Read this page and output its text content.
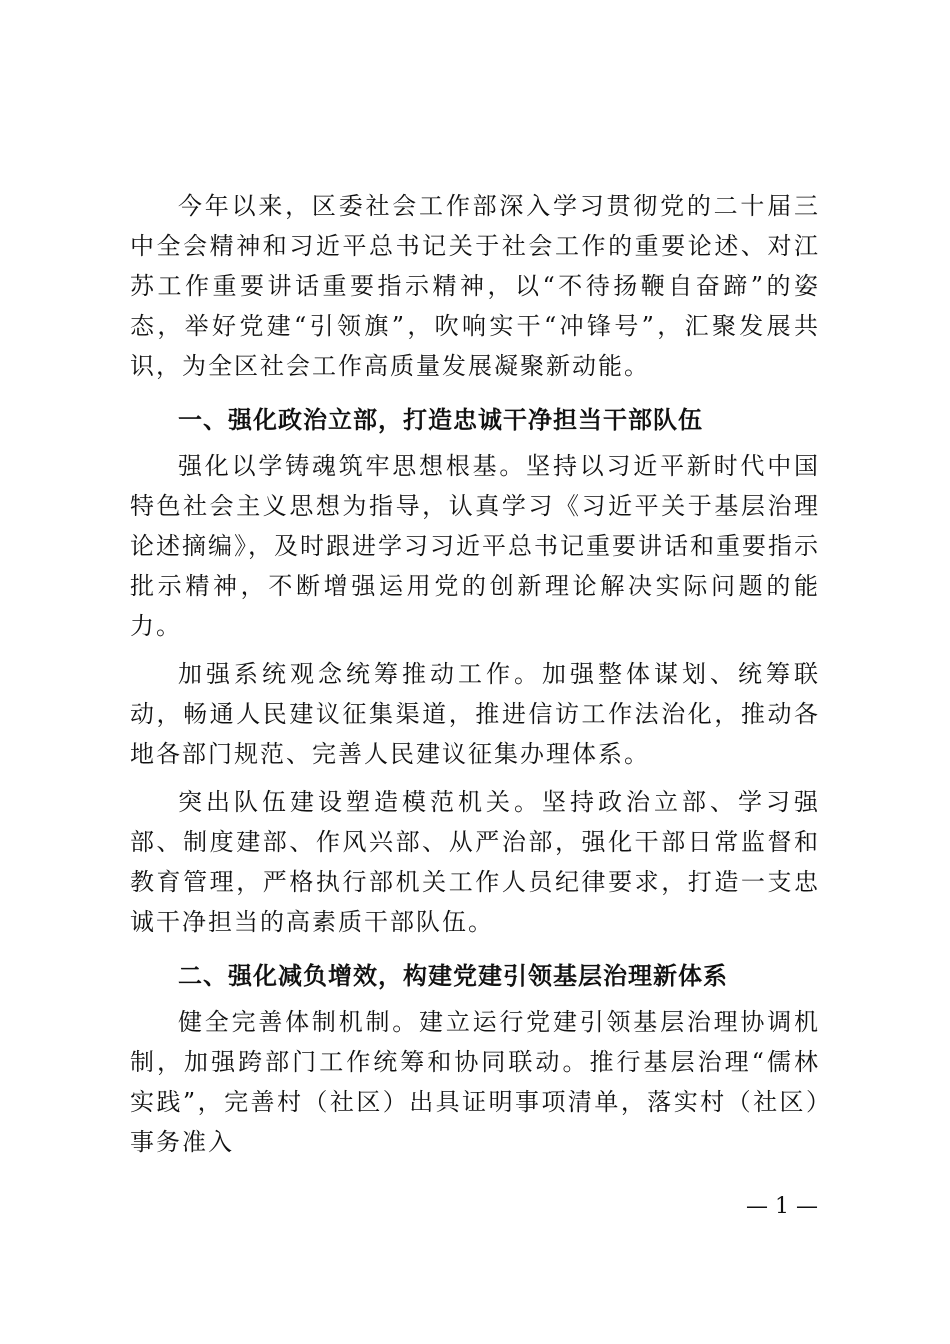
今年以来，区委社会工作部深入学习贯彻党的二十届三中全会精神和习近平总书记关于社会工作的重要论述、对江苏工作重要讲话重要指示精神，以“不待扬鞭自奋蹄”的姿态，举好党建“引领旗”，吹响实干“冲锋号”，汇聚发展共识，为全区社会工作高质量发展凝聚新动能。

一、强化政治立部，打造忠诚干净担当干部队伍

强化以学铸魂筑牢思想根基。坚持以习近平新时代中国特色社会主义思想为指导，认真学习《习近平关于基层治理论述摘编》，及时跟进学习习近平总书记重要讲话和重要指示批示精神，不断增强运用党的创新理论解决实际问题的能力。

加强系统观念统筹推动工作。加强整体谋划、统筹联动，畅通人民建议征集渠道，推进信访工作法治化，推动各地各部门规范、完善人民建议征集办理体系。

突出队伍建设塑造模范机关。坚持政治立部、学习强部、制度建部、作风兴部、从严治部，强化干部日常监督和教育管理，严格执行部机关工作人员纪律要求，打造一支忠诚干净担当的高素质干部队伍。

二、强化减负增效，构建党建引领基层治理新体系

健全完善体制机制。建立运行党建引领基层治理协调机制，加强跨部门工作统筹和协同联动。推行基层治理“儒林实践”，完善村（社区）出具证明事项清单，落实村（社区）事务准入

— 1 —
